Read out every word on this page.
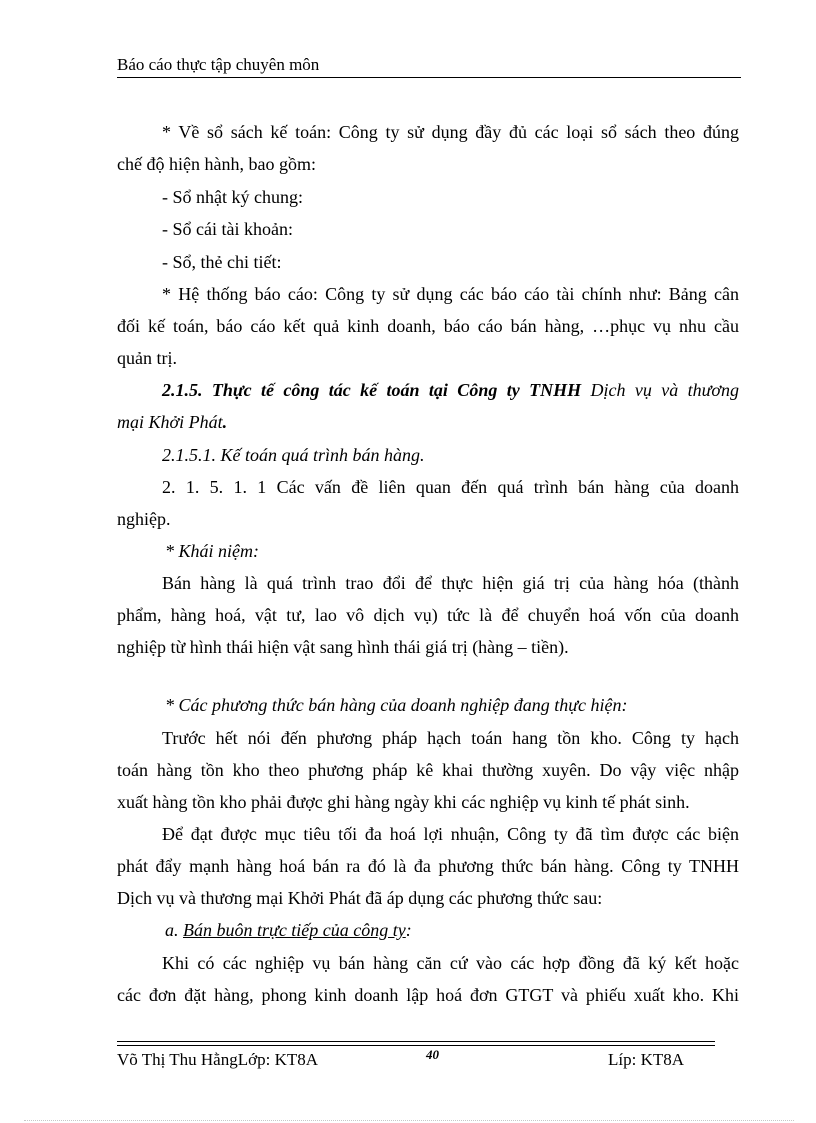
Báo cáo thực tập chuyên môn
* Về sổ sách kế toán: Công ty sử dụng đầy đủ các loại sổ sách theo đúng
chế độ hiện hành, bao gồm:
- Sổ nhật ký chung:
- Sổ cái tài khoản:
- Sổ, thẻ chi tiết:
* Hệ thống báo cáo: Công ty sử dụng các báo cáo tài chính như: Bảng cân
đối kế toán, báo cáo kết quả kinh doanh, báo cáo bán hàng, …phục vụ nhu cầu
quản trị.
2.1.5. Thực tế công tác kế toán tại Công ty TNHH Dịch vụ và thương
mại Khởi Phát.
2.1.5.1. Kế toán quá trình bán hàng.
2. 1. 5. 1. 1 Các vấn đề liên quan đến quá trình bán hàng của doanh
nghiệp.
* Khái niệm:
Bán hàng là quá trình trao đổi để thực hiện giá trị của hàng hóa (thành
phẩm, hàng hoá, vật tư, lao vô dịch vụ) tức là để chuyển hoá vốn của doanh
nghiệp từ hình thái hiện vật sang hình thái giá trị (hàng – tiền).
* Các phương thức bán hàng của doanh nghiệp đang thực hiện:
Trước hết nói đến phương pháp hạch toán hang tồn kho. Công ty hạch
toán hàng tồn kho theo phương pháp kê khai thường xuyên. Do vậy việc nhập
xuất hàng tồn kho phải được ghi hàng ngày khi các nghiệp vụ kinh tế phát sinh.
Để đạt được mục tiêu tối đa hoá lợi nhuận, Công ty đã tìm được các biện
phát đẩy mạnh hàng hoá bán ra đó là đa phương thức bán hàng. Công ty TNHH
Dịch vụ và thương mại Khởi Phát đã áp dụng các phương thức sau:
a. Bán buôn trực tiếp của công ty:
Khi có các nghiệp vụ bán hàng căn cứ vào các hợp đồng đã ký kết hoặc
các đơn đặt hàng, phong kinh doanh lập hoá đơn GTGT và phiếu xuất kho. Khi
Võ Thị Thu HằngLớp: KT8A	40	Líp: KT8A
